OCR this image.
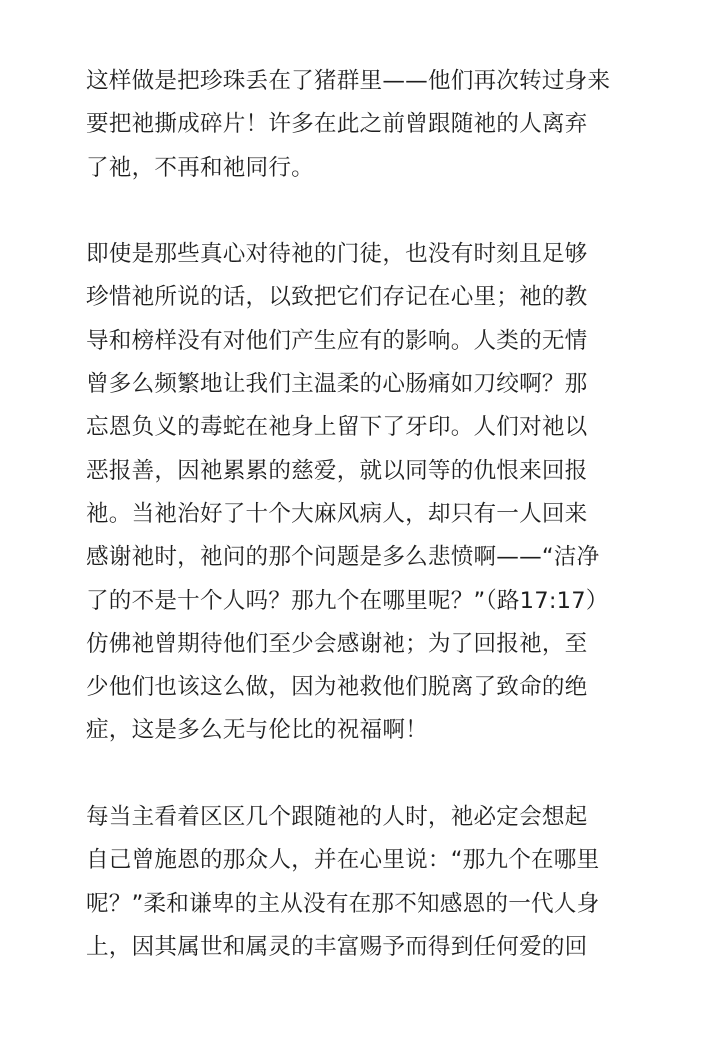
这样做是把珍珠丢在了猪群里——他们再次转过身来
要把祂撕成碎片！许多在此之前曾跟随祂的人离弃
了祂，不再和祂同行。
即使是那些真心对待祂的门徒，也没有时刻且足够
珍惜祂所说的话，以致把它们存记在心里；祂的教
导和榜样没有对他们产生应有的影响。人类的无情
曾多么频繁地让我们主温柔的心肠痛如刀绞啊？那
忘恩负义的毒蛇在祂身上留下了牙印。人们对祂以
恶报善，因祂累累的慈爱，就以同等的仇恨来回报
祂。当祂治好了十个大麻风病人，却只有一人回来
感谢祂时，祂问的那个问题是多么悲愤啊——“洁净
了的不是十个人吗？那九个在哪里呢？”（路17:17）
仿佛祂曾期待他们至少会感谢祂；为了回报祂，至
少他们也该这么做，因为祂救他们脱离了致命的绝
症，这是多么无与伦比的祝福啊！
每当主看着区区几个跟随祂的人时，祂必定会想起
自己曾施恩的那众人，并在心里说：“那九个在哪里
呢？”柔和谦卑的主从没有在那不知感恩的一代人身
上，因其属世和属灵的丰富赐予而得到任何爱的回
